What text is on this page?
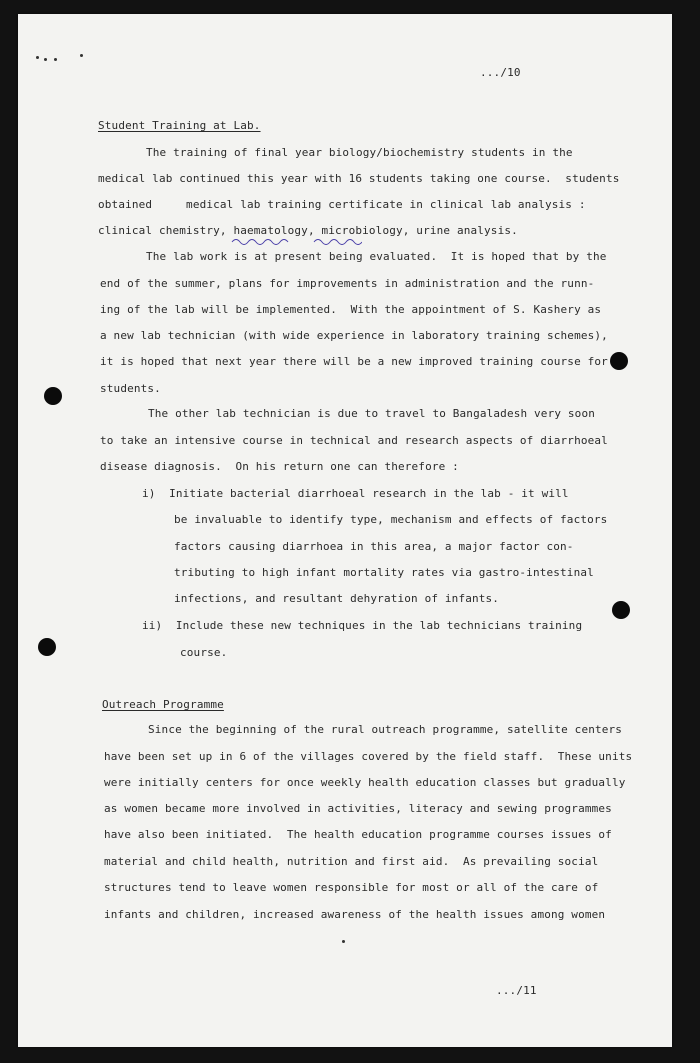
.../10
Student Training at Lab.
The training of final year biology/biochemistry students in the
medical lab continued this year with 16 students taking one course.  students
obtained     medical lab training certificate in clinical lab analysis :
clinical chemistry, haematology, microbiology, urine analysis.
The lab work is at present being evaluated.  It is hoped that by the
end of the summer, plans for improvements in administration and the runn-
ing of the lab will be implemented.  With the appointment of S. Kashery as
a new lab technician (with wide experience in laboratory training schemes),
it is hoped that next year there will be a new improved training course for
students.
The other lab technician is due to travel to Bangaladesh very soon
to take an intensive course in technical and research aspects of diarrhoeal
disease diagnosis.  On his return one can therefore :
i)  Initiate bacterial diarrhoeal research in the lab - it will
be invaluable to identify type, mechanism and effects of factors
factors causing diarrhoea in this area, a major factor con-
tributing to high infant mortality rates via gastro-intestinal
infections, and resultant dehyration of infants.
ii)  Include these new techniques in the lab technicians training
course.
Outreach Programme
Since the beginning of the rural outreach programme, satellite centers
have been set up in 6 of the villages covered by the field staff.  These units
were initially centers for once weekly health education classes but gradually
as women became more involved in activities, literacy and sewing programmes
have also been initiated.  The health education programme courses issues of
material and child health, nutrition and first aid.  As prevailing social
structures tend to leave women responsible for most or all of the care of
infants and children, increased awareness of the health issues among women
.../11
